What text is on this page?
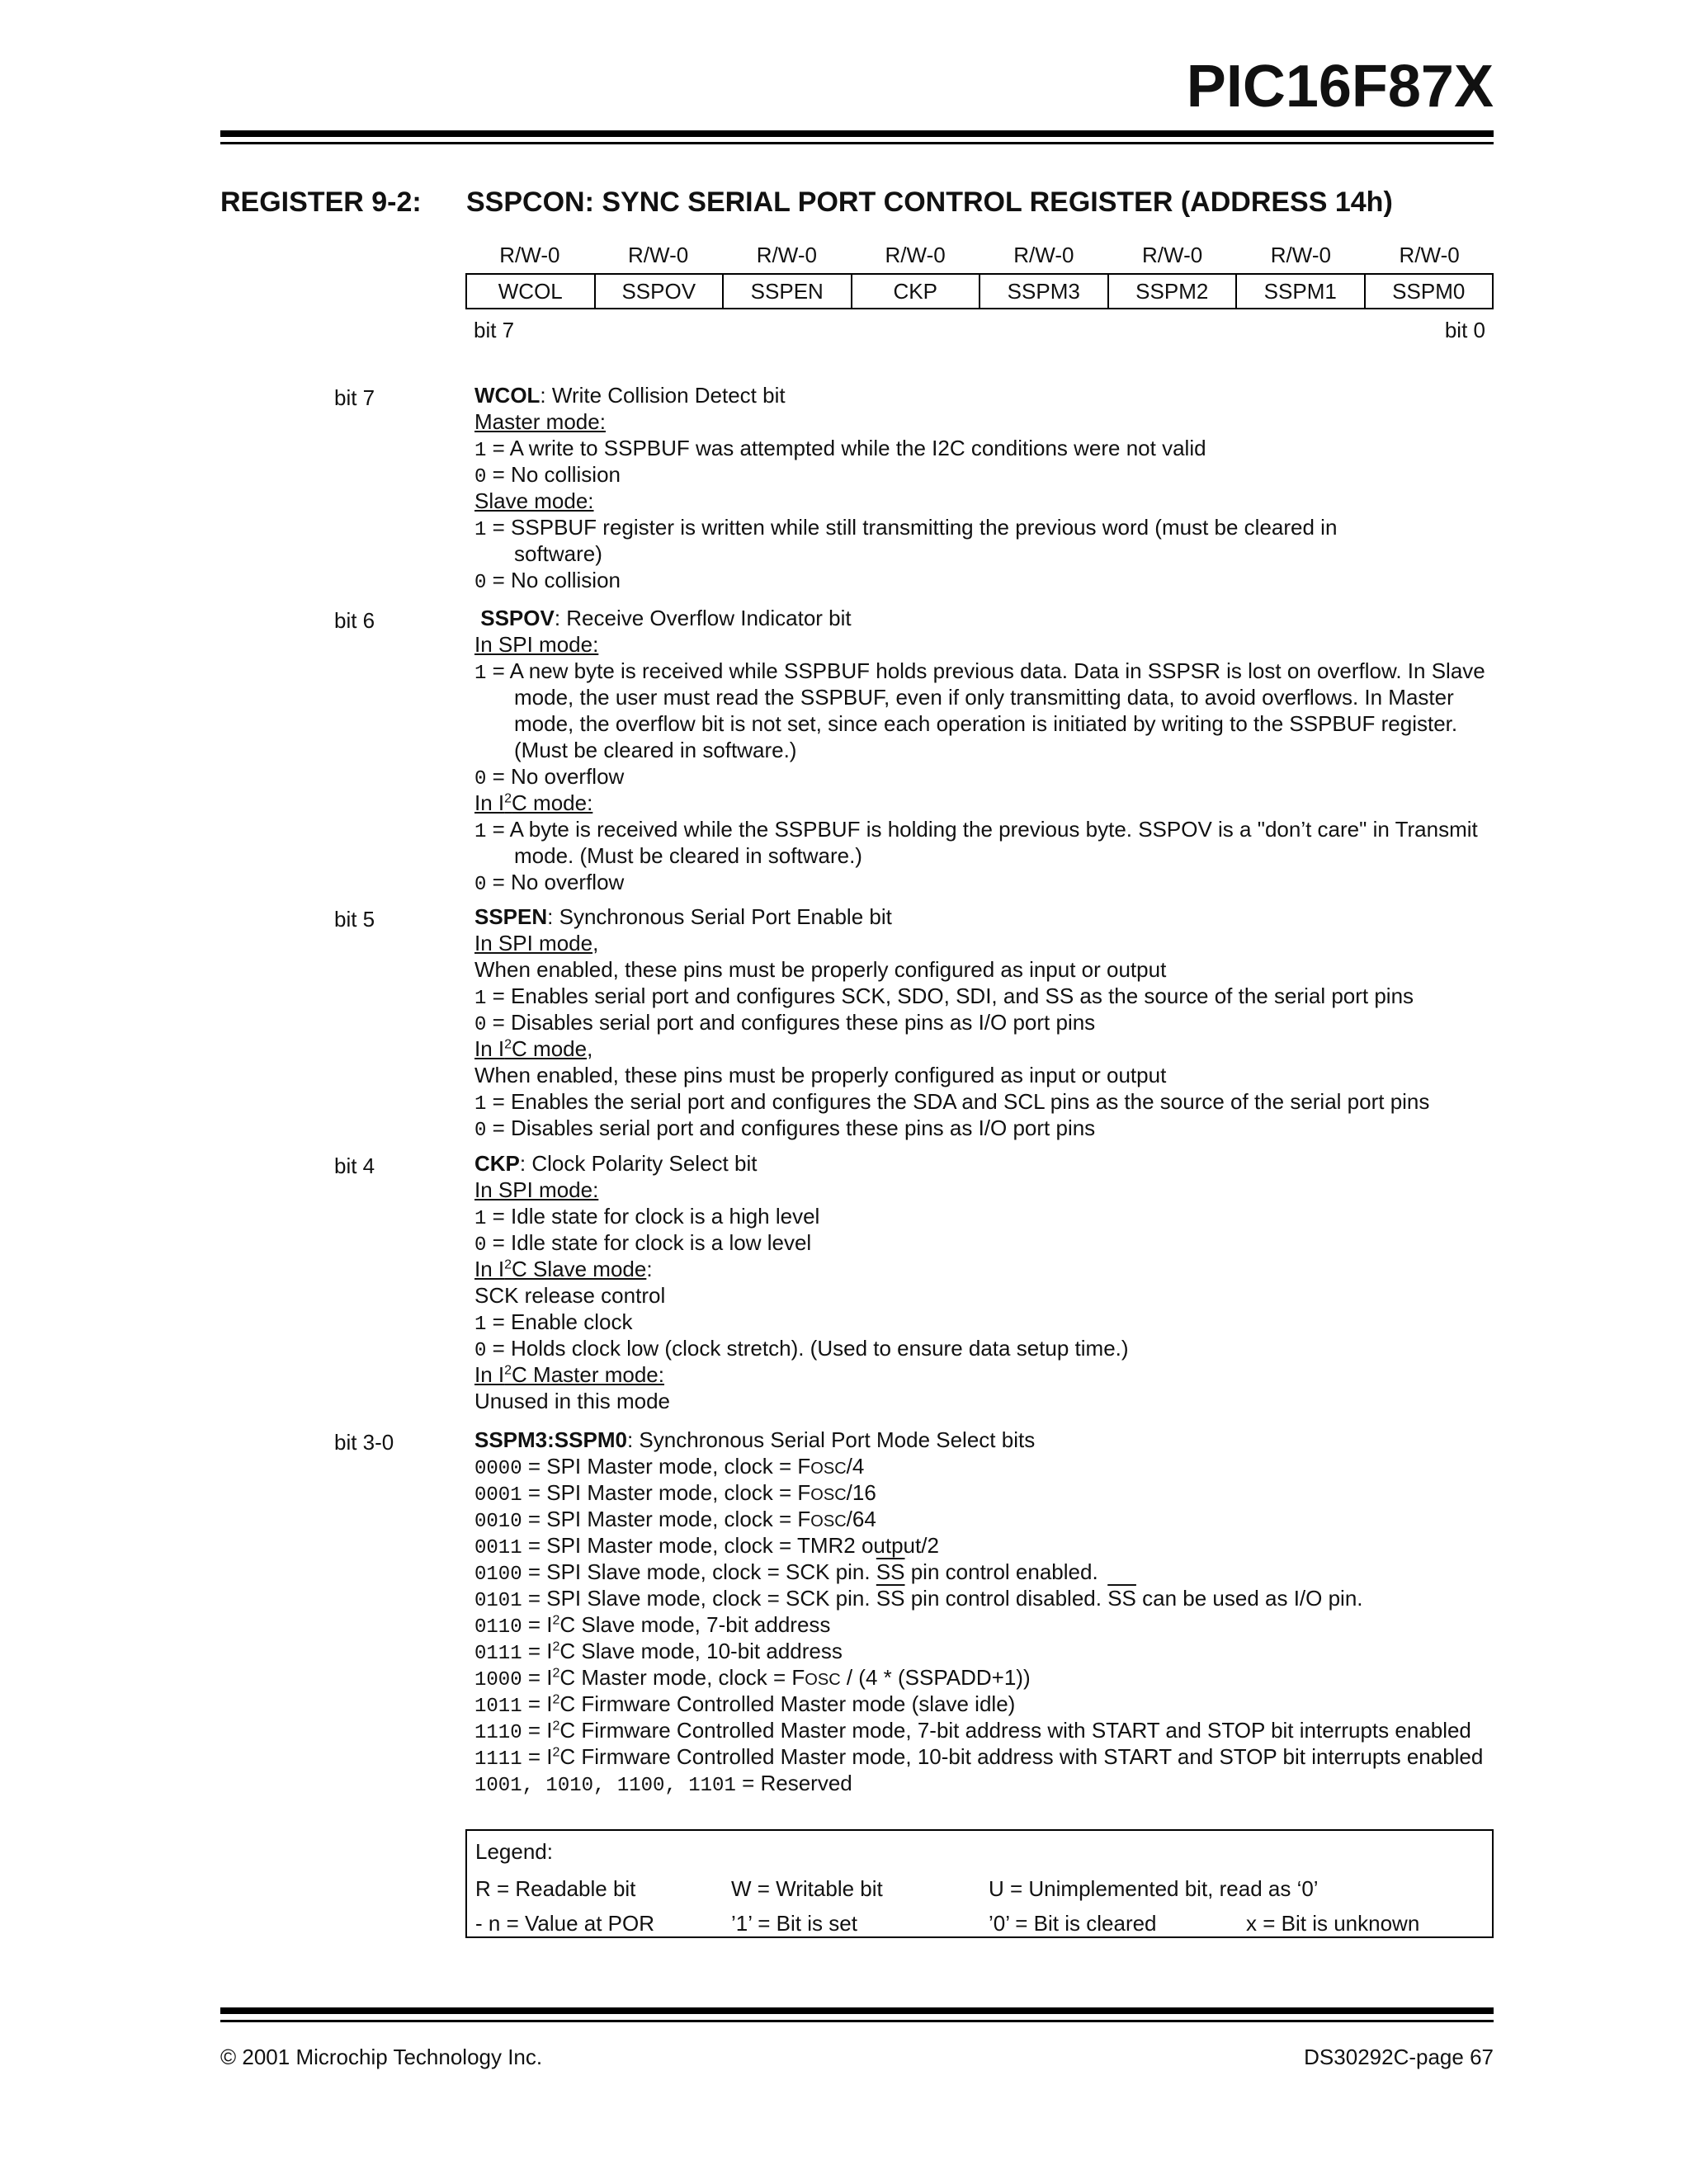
PIC16F87X
REGISTER 9-2: SSPCON: SYNC SERIAL PORT CONTROL REGISTER (ADDRESS 14h)
R/W-0	R/W-0	R/W-0	R/W-0	R/W-0	R/W-0	R/W-0	R/W-0
WCOL	SSPOV	SSPEN	CKP	SSPM3	SSPM2	SSPM1	SSPM0
bit 7	bit 0
bit 7	WCOL: Write Collision Detect bit
Master mode:
1 = A write to SSPBUF was attempted while the I2C conditions were not valid
0 = No collision
Slave mode:
1 = SSPBUF register is written while still transmitting the previous word (must be cleared in
software)
0 = No collision
bit 6	SSPOV: Receive Overflow Indicator bit
In SPI mode:
1 = A new byte is received while SSPBUF holds previous data. Data in SSPSR is lost on overflow. In Slave
mode, the user must read the SSPBUF, even if only transmitting data, to avoid overflows. In Master
mode, the overflow bit is not set, since each operation is initiated by writing to the SSPBUF register.
(Must be cleared in software.)
0 = No overflow
In $I^2C$ mode:
1 = A byte is received while the SSPBUF is holding the previous byte. SSPOV is a "don’t care" in Transmit
mode. (Must be cleared in software.)
0 = No overflow
bit 5	SSPEN: Synchronous Serial Port Enable bit
In SPI mode,
When enabled, these pins must be properly configured as input or output
1 = Enables serial port and configures SCK, SDO, SDI, and SS as the source of the serial port pins
0 = Disables serial port and configures these pins as I/O port pins
In $I^2C$ mode,
When enabled, these pins must be properly configured as input or output
1 = Enables the serial port and configures the SDA and SCL pins as the source of the serial port pins
0 = Disables serial port and configures these pins as I/O port pins
bit 4	CKP: Clock Polarity Select bit
In SPI mode:
1 = Idle state for clock is a high level
0 = Idle state for clock is a low level
In $I^2C$ Slave mode:
SCK release control
1 = Enable clock
0 = Holds clock low (clock stretch). (Used to ensure data setup time.)
In $I^2C$ Master mode:
Unused in this mode
bit 3-0	SSPM3:SSPM0: Synchronous Serial Port Mode Select bits
0000 = SPI Master mode, clock = FOSC/4
0001 = SPI Master mode, clock = FOSC/16
0010 = SPI Master mode, clock = FOSC/64
0011 = SPI Master mode, clock = TMR2 output/2
0100 = SPI Slave mode, clock = SCK pin. $\overline{SS}$ pin control enabled.
0101 = SPI Slave mode, clock = SCK pin. $\overline{SS}$ pin control disabled. $\overline{SS}$ can be used as I/O pin.
$0110 = I^2C$ Slave mode, 7-bit address
$0111 = I^2C$ Slave mode, 10-bit address
$1000 = I^2C$ Master mode, clock = FOSC / (4 * (SSPADD+1))
$1011 = I^2C$ Firmware Controlled Master mode (slave idle)
$1110 = I^2C$ Firmware Controlled Master mode, 7-bit address with START and STOP bit interrupts enabled
$1111 = I^2C$ Firmware Controlled Master mode, 10-bit address with START and STOP bit interrupts enabled
1001, 1010, 1100, 1101 = Reserved
Legend:
R = Readable bit	W = Writable bit	U = Unimplemented bit, read as ‘0’
- n = Value at POR	’1’ = Bit is set	’0’ = Bit is cleared	x = Bit is unknown
© 2001 Microchip Technology Inc.	DS30292C-page 67
